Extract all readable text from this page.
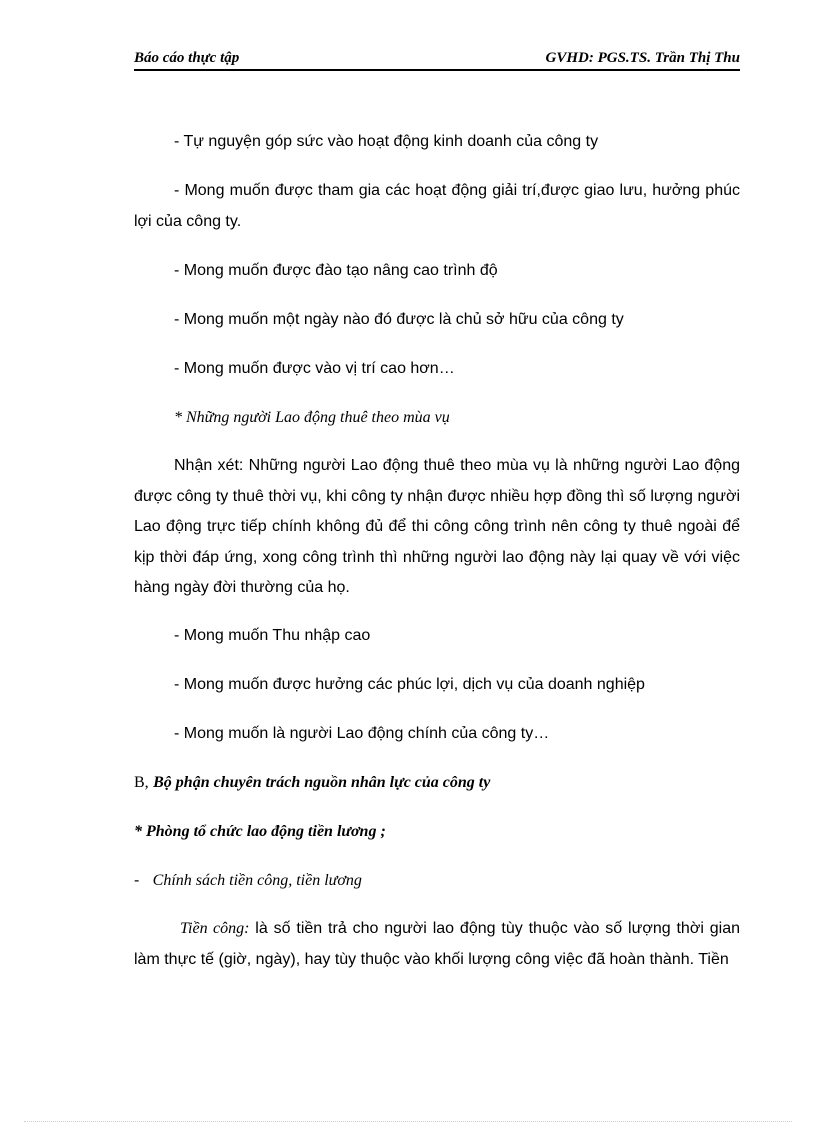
Báo cáo thực tập	GVHD: PGS.TS. Trần Thị Thu

- Tự nguyện góp sức vào hoạt động kinh doanh của công ty

- Mong muốn được tham gia các hoạt động giải trí,được giao lưu, hưởng phúc lợi của công ty.

- Mong muốn được đào tạo nâng cao trình độ

- Mong muốn một ngày nào đó được là chủ sở hữu của công ty

- Mong muốn được vào vị trí cao hơn…

* Những người Lao động thuê theo mùa vụ

Nhận xét: Những người Lao động thuê theo mùa vụ là những người Lao động được công ty thuê thời vụ, khi công ty nhận được nhiều hợp đồng thì số lượng người Lao động trực tiếp chính không đủ để thi công công trình nên công ty thuê ngoài để kịp thời đáp ứng, xong công trình thì những người lao động này lại quay về với việc hàng ngày đời thường của họ.

- Mong muốn Thu nhập cao

- Mong muốn được hưởng các phúc lợi, dịch vụ của doanh nghiệp

- Mong muốn là người Lao động chính của công ty…

B, Bộ phận chuyên trách nguồn nhân lực của công ty

* Phòng tổ chức lao động tiền lương ;

- Chính sách tiền công, tiền lương

Tiền công: là số tiền trả cho người lao động tùy thuộc vào số lượng thời gian làm thực tế (giờ, ngày), hay tùy thuộc vào khối lượng công việc đã hoàn thành. Tiền
